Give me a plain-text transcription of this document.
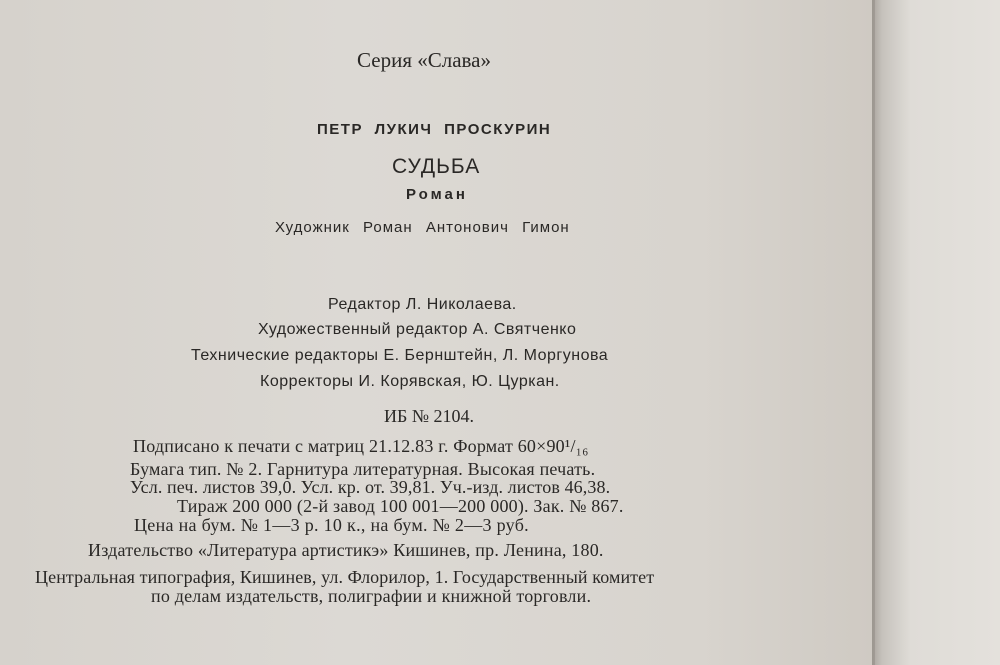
Серия «Слава»
ПЕТР ЛУКИЧ ПРОСКУРИН
СУДЬБА
Роман
Художник Роман Антонович Гимон
Редактор Л. Николаева.
Художественный редактор А. Святченко
Технические редакторы Е. Бернштейн, Л. Моргунова
Корректоры И. Корявская, Ю. Цуркан.
ИБ № 2104.
Подписано к печати с матриц 21.12.83 г. Формат 60×90¹/₁₆
Бумага тип. № 2. Гарнитура литературная. Высокая печать.
Усл. печ. листов 39,0. Усл. кр. от. 39,81. Уч.-изд. листов 46,38.
Тираж 200 000 (2-й завод 100 001—200 000). Зак. № 867.
Цена на бум. № 1—3 р. 10 к., на бум. № 2—3 руб.
Издательство «Литература артистикэ» Кишинев, пр. Ленина, 180.
Центральная типография, Кишинев, ул. Флорилор, 1. Государственный комитет
по делам издательств, полиграфии и книжной торговли.
